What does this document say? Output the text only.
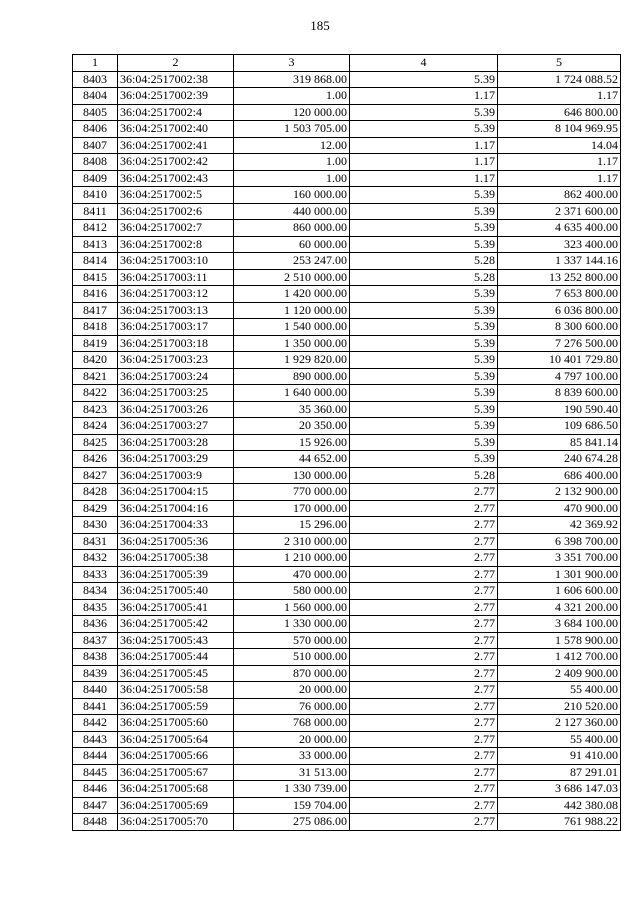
185
1	2	3	4	5
8403	36:04:2517002:38	319 868.00	5.39	1 724 088.52
8404	36:04:2517002:39	1.00	1.17	1.17
8405	36:04:2517002:4	120 000.00	5.39	646 800.00
8406	36:04:2517002:40	1 503 705.00	5.39	8 104 969.95
8407	36:04:2517002:41	12.00	1.17	14.04
8408	36:04:2517002:42	1.00	1.17	1.17
8409	36:04:2517002:43	1.00	1.17	1.17
8410	36:04:2517002:5	160 000.00	5.39	862 400.00
8411	36:04:2517002:6	440 000.00	5.39	2 371 600.00
8412	36:04:2517002:7	860 000.00	5.39	4 635 400.00
8413	36:04:2517002:8	60 000.00	5.39	323 400.00
8414	36:04:2517003:10	253 247.00	5.28	1 337 144.16
8415	36:04:2517003:11	2 510 000.00	5.28	13 252 800.00
8416	36:04:2517003:12	1 420 000.00	5.39	7 653 800.00
8417	36:04:2517003:13	1 120 000.00	5.39	6 036 800.00
8418	36:04:2517003:17	1 540 000.00	5.39	8 300 600.00
8419	36:04:2517003:18	1 350 000.00	5.39	7 276 500.00
8420	36:04:2517003:23	1 929 820.00	5.39	10 401 729.80
8421	36:04:2517003:24	890 000.00	5.39	4 797 100.00
8422	36:04:2517003:25	1 640 000.00	5.39	8 839 600.00
8423	36:04:2517003:26	35 360.00	5.39	190 590.40
8424	36:04:2517003:27	20 350.00	5.39	109 686.50
8425	36:04:2517003:28	15 926.00	5.39	85 841.14
8426	36:04:2517003:29	44 652.00	5.39	240 674.28
8427	36:04:2517003:9	130 000.00	5.28	686 400.00
8428	36:04:2517004:15	770 000.00	2.77	2 132 900.00
8429	36:04:2517004:16	170 000.00	2.77	470 900.00
8430	36:04:2517004:33	15 296.00	2.77	42 369.92
8431	36:04:2517005:36	2 310 000.00	2.77	6 398 700.00
8432	36:04:2517005:38	1 210 000.00	2.77	3 351 700.00
8433	36:04:2517005:39	470 000.00	2.77	1 301 900.00
8434	36:04:2517005:40	580 000.00	2.77	1 606 600.00
8435	36:04:2517005:41	1 560 000.00	2.77	4 321 200.00
8436	36:04:2517005:42	1 330 000.00	2.77	3 684 100.00
8437	36:04:2517005:43	570 000.00	2.77	1 578 900.00
8438	36:04:2517005:44	510 000.00	2.77	1 412 700.00
8439	36:04:2517005:45	870 000.00	2.77	2 409 900.00
8440	36:04:2517005:58	20 000.00	2.77	55 400.00
8441	36:04:2517005:59	76 000.00	2.77	210 520.00
8442	36:04:2517005:60	768 000.00	2.77	2 127 360.00
8443	36:04:2517005:64	20 000.00	2.77	55 400.00
8444	36:04:2517005:66	33 000.00	2.77	91 410.00
8445	36:04:2517005:67	31 513.00	2.77	87 291.01
8446	36:04:2517005:68	1 330 739.00	2.77	3 686 147.03
8447	36:04:2517005:69	159 704.00	2.77	442 380.08
8448	36:04:2517005:70	275 086.00	2.77	761 988.22
